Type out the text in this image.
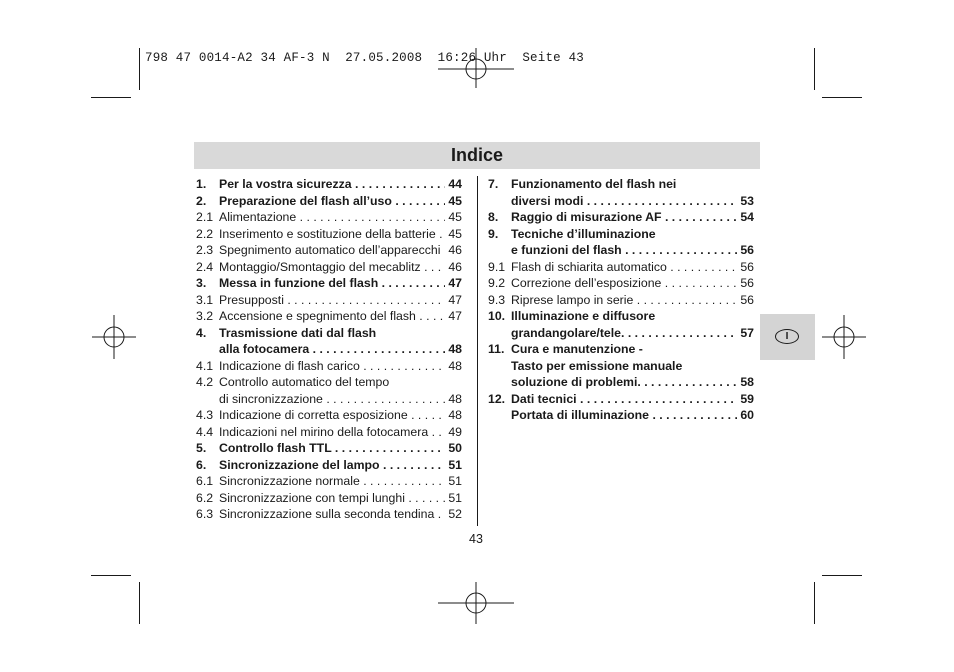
798 47 0014-A2 34 AF-3 N  27.05.2008  16:26 Uhr  Seite 43
Indice
1.	Per la vostra sicurezza . . .	44
2.	Preparazione del flash all’uso . . .	45
2.1 Alimentazione . . .	45
2.2 Inserimento e sostituzione della batterie . . .	45
2.3 Spegnimento automatico dell’apparecchi . . . 46
2.4 Montaggio/Smontaggio del mecablitz . . .	46
3.	Messa in funzione del flash . . .	47
3.1 Presupposti . . .	47
3.2 Accensione e spegnimento del flash . . .	47
4.	Trasmissione dati dal flash
alla fotocamera . . .	48
4.1 Indicazione di flash carico . . .	48
4.2 Controllo automatico del tempo
di sincronizzazione . . .	48
4.3 Indicazione di corretta esposizione . . .	48
4.4 Indicazioni nel mirino della fotocamera . . .	49
5.	Controllo flash TTL . . .	50
6.	Sincronizzazione del lampo . . .	51
6.1 Sincronizzazione normale . . .	51
6.2 Sincronizzazione con tempi lunghi . . .	51
6.3 Sincronizzazione sulla seconda tendina . . .	52
7.	Funzionamento del flash nei
diversi modi . . .	53
8.	Raggio di misurazione AF . . .	54
9.	Tecniche d’illuminazione
e funzioni del flash . . .	56
9.1 Flash di schiarita automatico . . .	56
9.2 Correzione dell’esposizione . . .	56
9.3 Riprese lampo in serie . . .	56
10. Illuminazione e diffusore
grandangolare/tele. . . .	57
11. Cura e manutenzione -
Tasto per emissione manuale
soluzione di problemi. . . .	58
12. Dati tecnici . . .	59
Portata di illuminazione . . .	60
43
I
